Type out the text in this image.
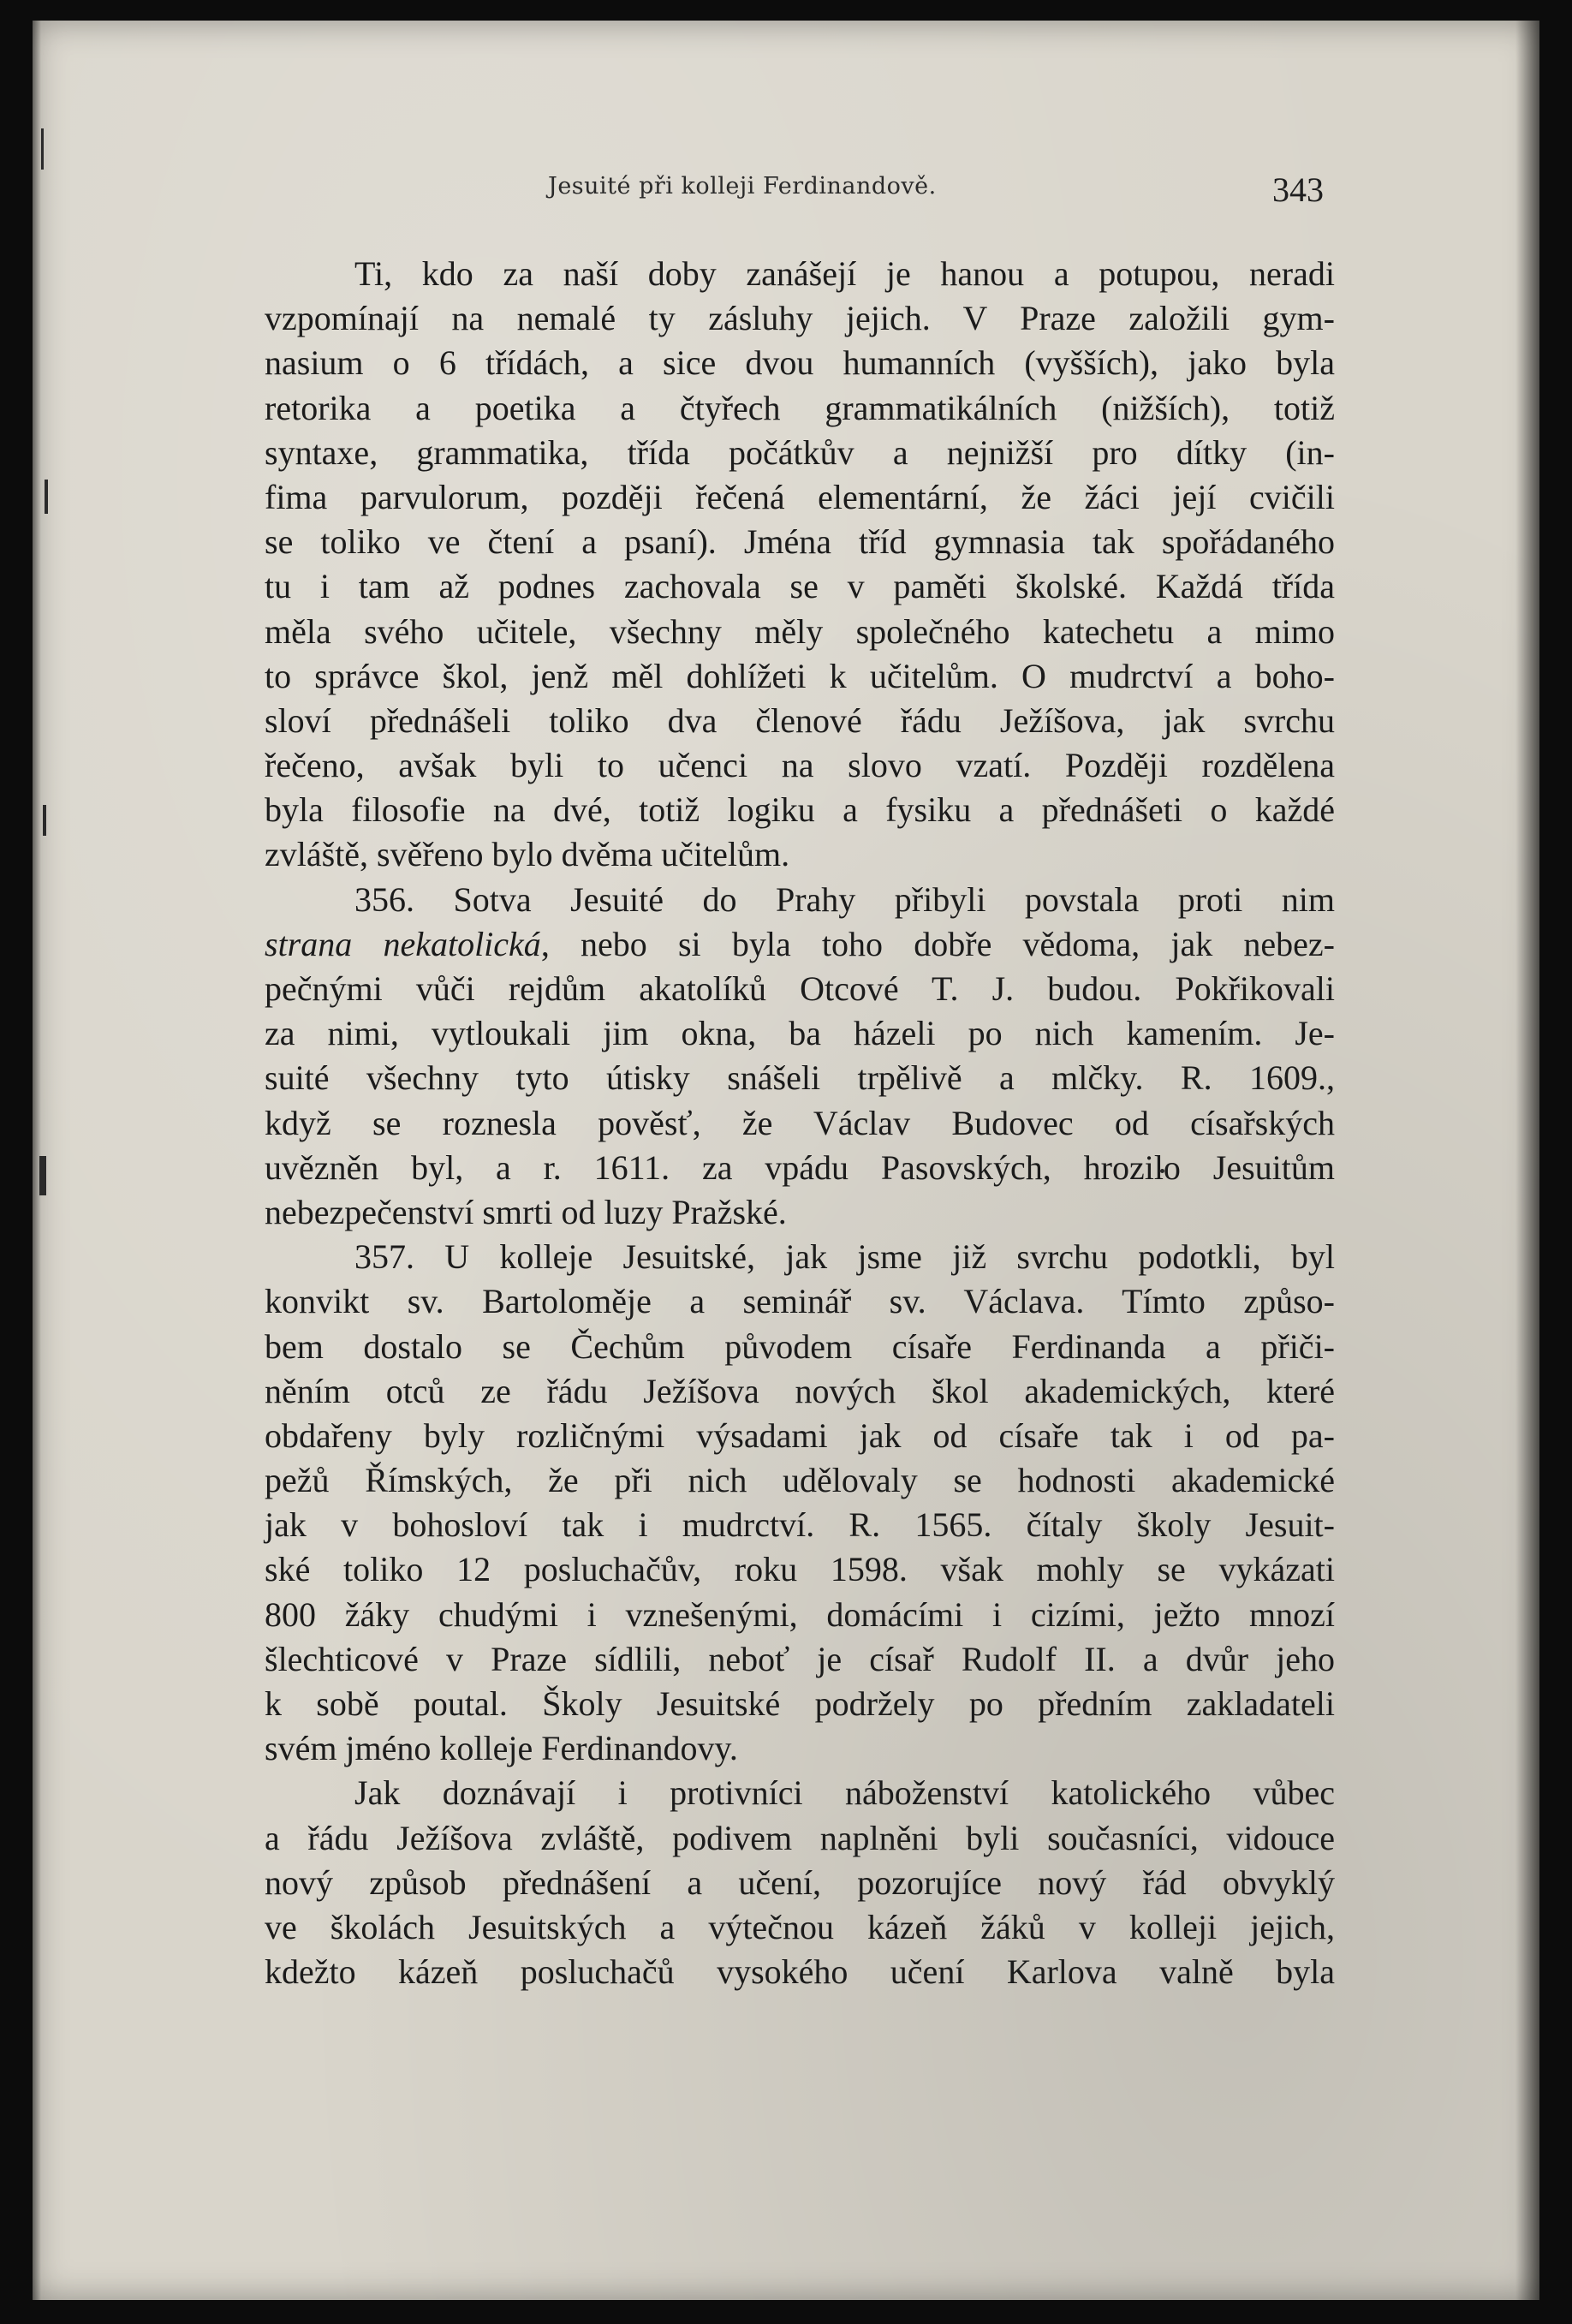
Jesuité při kolleji Ferdinandově.	343
Ti, kdo za naší doby zanášejí je hanou a potupou, neradi
vzpomínají na nemalé ty zásluhy jejich. V Praze založili gym-
nasium o 6 třídách, a sice dvou humanních (vyšších), jako byla
retorika a poetika a čtyřech grammatikálních (nižších), totiž
syntaxe, grammatika, třída počátkův a nejnižší pro dítky (in-
fima parvulorum, později řečená elementární, že žáci její cvičili
se toliko ve čtení a psaní). Jména tříd gymnasia tak spořádaného
tu i tam až podnes zachovala se v paměti školské. Každá třída
měla svého učitele, všechny měly společného katechetu a mimo
to správce škol, jenž měl dohlížeti k učitelům. O mudrctví a boho-
sloví přednášeli toliko dva členové řádu Ježíšova, jak svrchu
řečeno, avšak byli to učenci na slovo vzatí. Později rozdělena
byla filosofie na dvé, totiž logiku a fysiku a přednášeti o každé
zvláště, svěřeno bylo dvěma učitelům.
356. Sotva Jesuité do Prahy přibyli povstala proti nim
strana nekatolická, nebo si byla toho dobře vědoma, jak nebez-
pečnými vůči rejdům akatolíků Otcové T. J. budou. Pokřikovali
za nimi, vytloukali jim okna, ba házeli po nich kamením. Je-
suité všechny tyto útisky snášeli trpělivě a mlčky. R. 1609.,
když se roznesla pověsť, že Václav Budovec od císařských
uvězněn byl, a r. 1611. za vpádu Pasovských, hrozilo Jesuitům
nebezpečenství smrti od luzy Pražské.
357. U kolleje Jesuitské, jak jsme již svrchu podotkli, byl
konvikt sv. Bartoloměje a seminář sv. Václava. Tímto způso-
bem dostalo se Čechům původem císaře Ferdinanda a přiči-
něním otců ze řádu Ježíšova nových škol akademických, které
obdařeny byly rozličnými výsadami jak od císaře tak i od pa-
pežů Římských, že při nich udělovaly se hodnosti akademické
jak v bohosloví tak i mudrctví. R. 1565. čítaly školy Jesuit-
ské toliko 12 posluchačův, roku 1598. však mohly se vykázati
800 žáky chudými i vznešenými, domácími i cizími, ježto mnozí
šlechticové v Praze sídlili, neboť je císař Rudolf II. a dvůr jeho
k sobě poutal. Školy Jesuitské podržely po předním zakladateli
svém jméno kolleje Ferdinandovy.
Jak doznávají i protivníci náboženství katolického vůbec
a řádu Ježíšova zvláště, podivem naplněni byli současníci, vidouce
nový způsob přednášení a učení, pozorujíce nový řád obvyklý
ve školách Jesuitských a výtečnou kázeň žáků v kolleji jejich,
kdežto kázeň posluchačů vysokého učení Karlova valně byla
